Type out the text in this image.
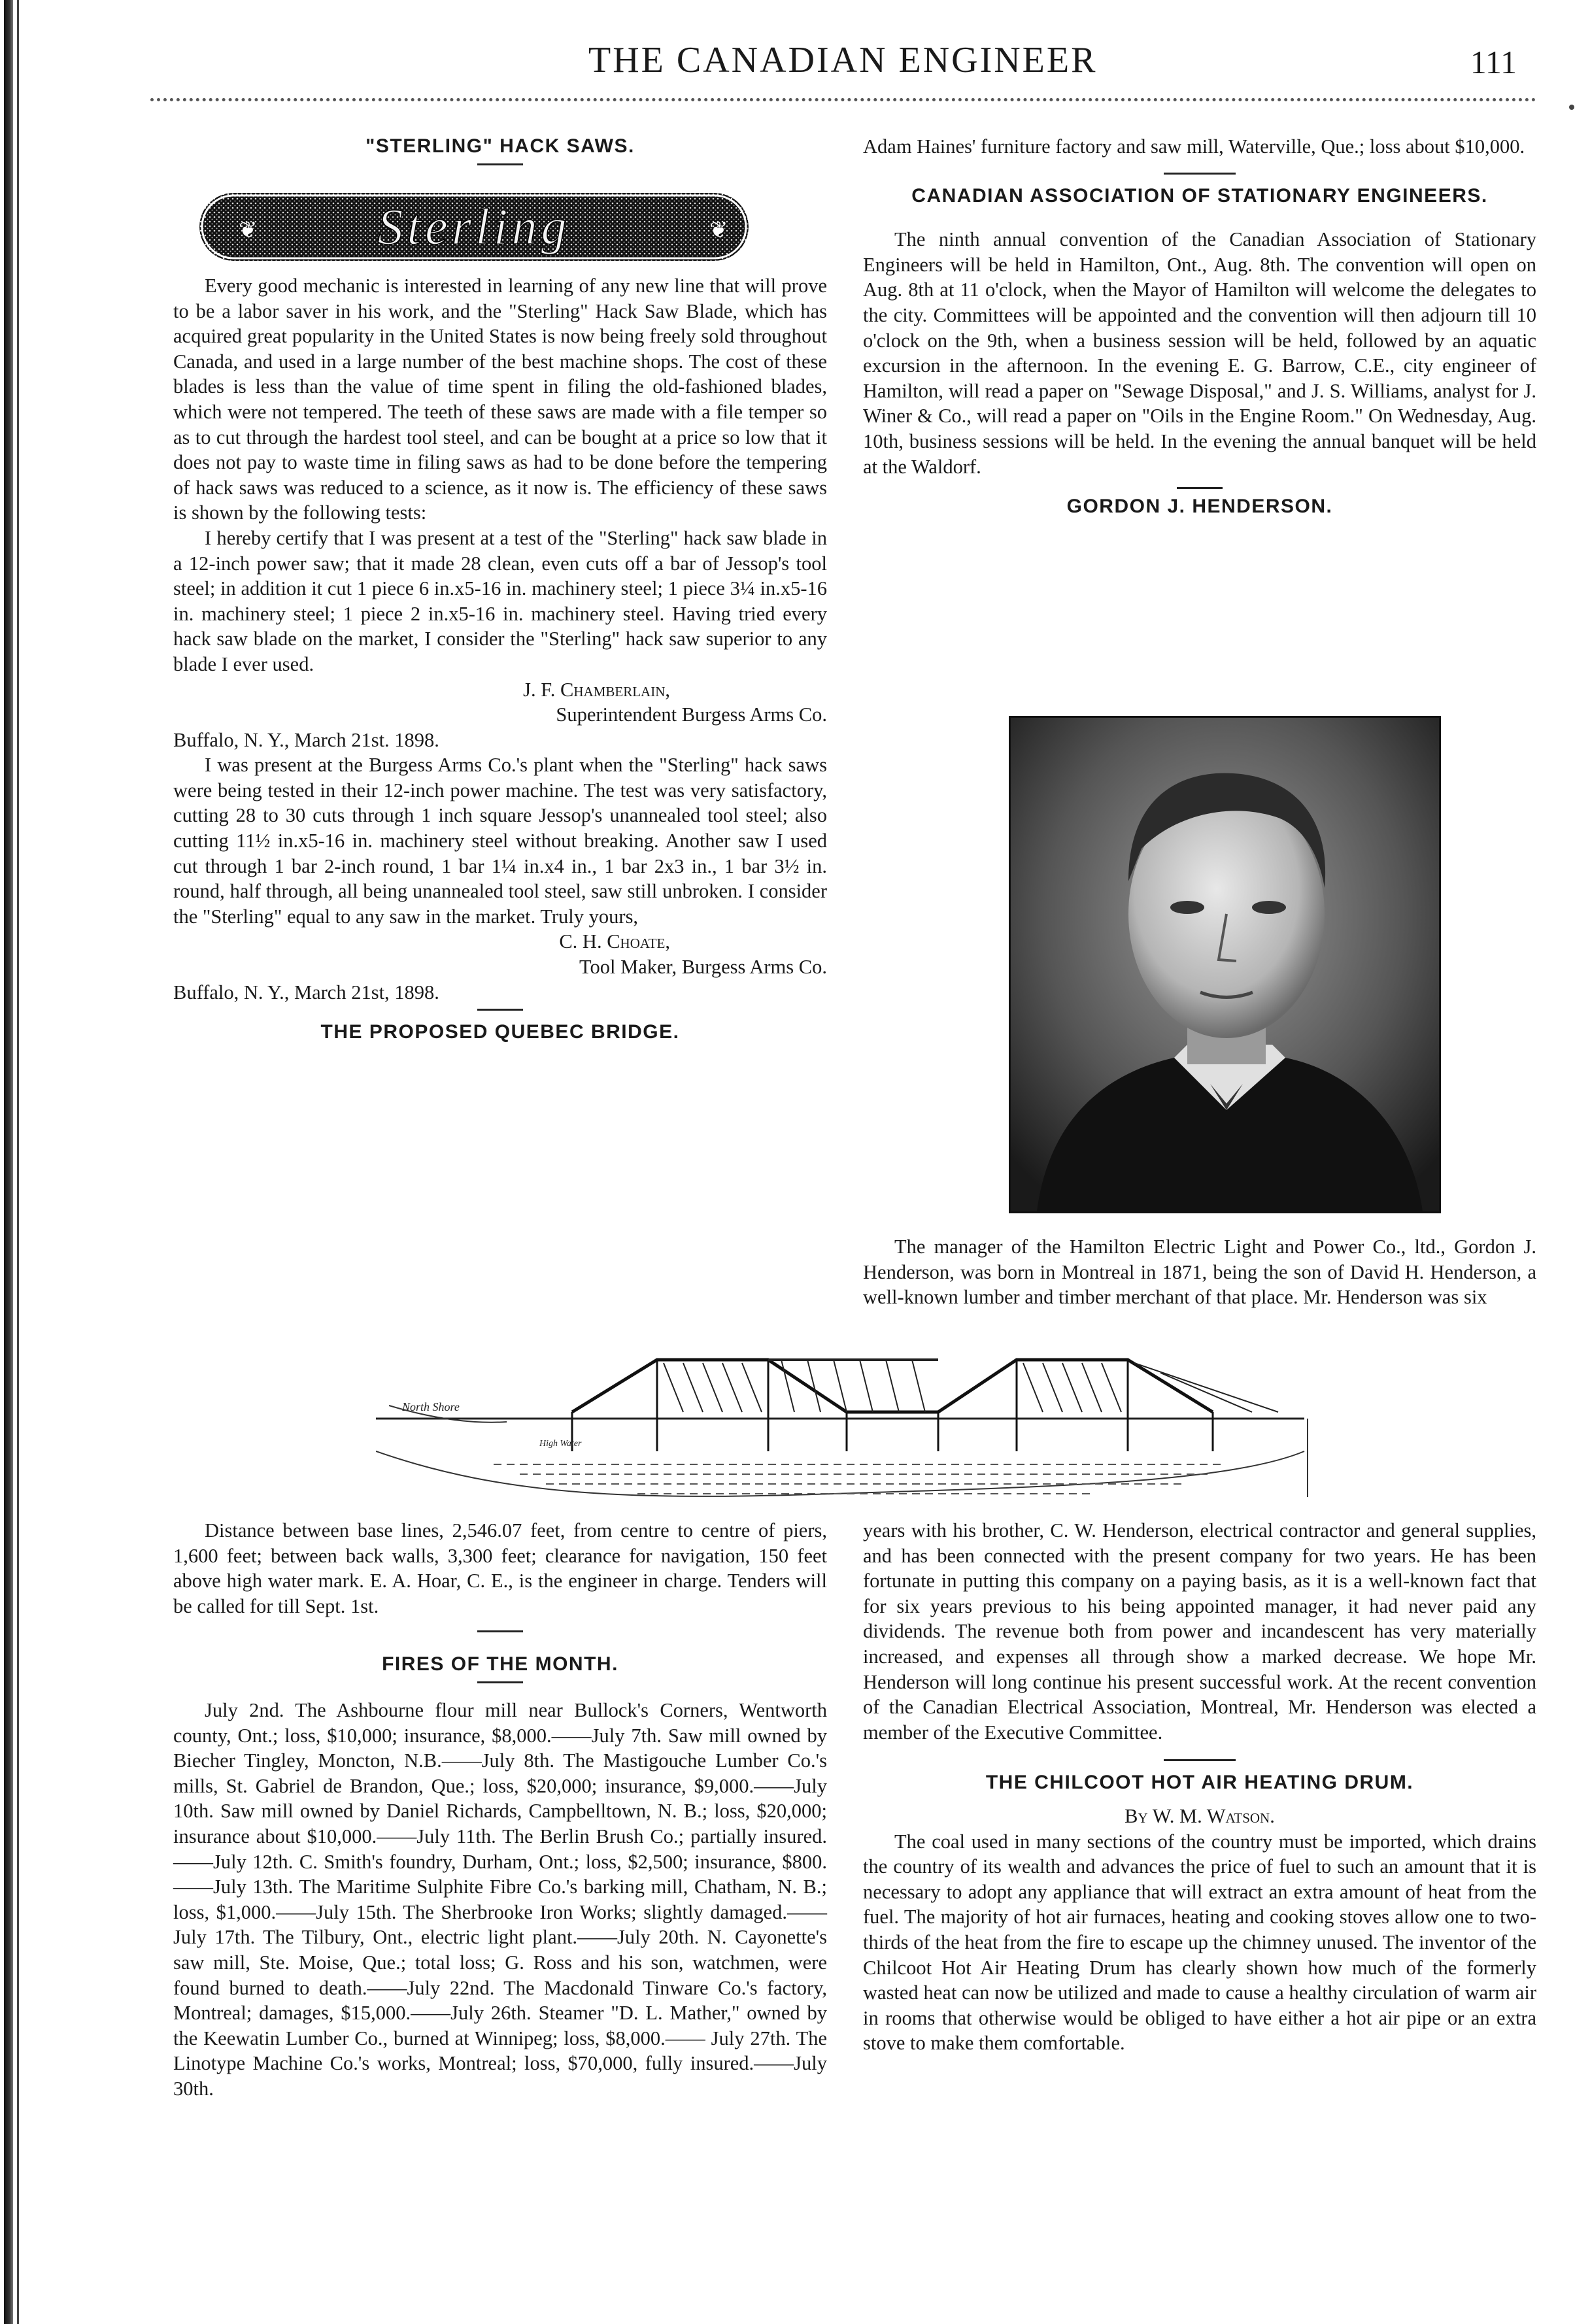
THE CANADIAN ENGINEER	111
"STERLING" HACK SAWS.
❦	❦
Sterling

Every good mechanic is interested in learning of any new line that will prove to be a labor saver in his work, and the "Sterling" Hack Saw Blade, which has acquired great popularity in the United States is now being freely sold throughout Canada, and used in a large number of the best machine shops. The cost of these blades is less than the value of time spent in filing the old-fashioned blades, which were not tempered. The teeth of these saws are made with a file temper so as to cut through the hardest tool steel, and can be bought at a price so low that it does not pay to waste time in filing saws as had to be done before the tempering of hack saws was reduced to a science, as it now is. The efficiency of these saws is shown by the following tests:

I hereby certify that I was present at a test of the "Sterling" hack saw blade in a 12-inch power saw; that it made 28 clean, even cuts off a bar of Jessop's tool steel; in addition it cut 1 piece 6 in.x5-16 in. machinery steel; 1 piece 3¼ in.x5-16 in. machinery steel; 1 piece 2 in.x5-16 in. machinery steel. Having tried every hack saw blade on the market, I consider the "Sterling" hack saw superior to any blade I ever used.

J. F. Chamberlain,

Superintendent Burgess Arms Co.

Buffalo, N. Y., March 21st. 1898.

I was present at the Burgess Arms Co.'s plant when the "Sterling" hack saws were being tested in their 12-inch power machine. The test was very satisfactory, cutting 28 to 30 cuts through 1 inch square Jessop's unannealed tool steel; also cutting 11½ in.x5-16 in. machinery steel without breaking. Another saw I used cut through 1 bar 2-inch round, 1 bar 1¼ in.x4 in., 1 bar 2x3 in., 1 bar 3½ in. round, half through, all being unannealed tool steel, saw still unbroken. I consider the "Sterling" equal to any saw in the market. Truly yours,

C. H. Choate,

Tool Maker, Burgess Arms Co.

Buffalo, N. Y., March 21st, 1898.

THE PROPOSED QUEBEC BRIDGE.
North Shore
High Water

Distance between base lines, 2,546.07 feet, from centre to centre of piers, 1,600 feet; between back walls, 3,300 feet; clearance for navigation, 150 feet above high water mark. E. A. Hoar, C. E., is the engineer in charge. Tenders will be called for till Sept. 1st.

FIRES OF THE MONTH.

July 2nd. The Ashbourne flour mill near Bullock's Corners, Wentworth county, Ont.; loss, $10,000; insurance, $8,000.——July 7th. Saw mill owned by Biecher Tingley, Moncton, N.B.——July 8th. The Mastigouche Lumber Co.'s mills, St. Gabriel de Brandon, Que.; loss, $20,000; insurance, $9,000.——July 10th. Saw mill owned by Daniel Richards, Campbelltown, N. B.; loss, $20,000; insurance about $10,000.——July 11th. The Berlin Brush Co.; partially insured.——July 12th. C. Smith's foundry, Durham, Ont.; loss, $2,500; insurance, $800.——July 13th. The Maritime Sulphite Fibre Co.'s barking mill, Chatham, N. B.; loss, $1,000.——July 15th. The Sherbrooke Iron Works; slightly damaged.——July 17th. The Tilbury, Ont., electric light plant.——July 20th. N. Cayonette's saw mill, Ste. Moise, Que.; total loss; G. Ross and his son, watchmen, were found burned to death.——July 22nd. The Macdonald Tinware Co.'s factory, Montreal; damages, $15,000.——July 26th. Steamer "D. L. Mather," owned by the Keewatin Lumber Co., burned at Winnipeg; loss, $8,000.—— July 27th. The Linotype Machine Co.'s works, Montreal; loss, $70,000, fully insured.——July 30th.

Adam Haines' furniture factory and saw mill, Waterville, Que.; loss about $10,000.

CANADIAN ASSOCIATION OF STATIONARY ENGINEERS.

The ninth annual convention of the Canadian Association of Stationary Engineers will be held in Hamilton, Ont., Aug. 8th. The convention will open on Aug. 8th at 11 o'clock, when the Mayor of Hamilton will welcome the delegates to the city. Committees will be appointed and the convention will then adjourn till 10 o'clock on the 9th, when a business session will be held, followed by an aquatic excursion in the afternoon. In the evening E. G. Barrow, C.E., city engineer of Hamilton, will read a paper on "Sewage Disposal," and J. S. Williams, analyst for J. Winer & Co., will read a paper on "Oils in the Engine Room." On Wednesday, Aug. 10th, business sessions will be held. In the evening the annual banquet will be held at the Waldorf.

GORDON J. HENDERSON.

The manager of the Hamilton Electric Light and Power Co., ltd., Gordon J. Henderson, was born in Montreal in 1871, being the son of David H. Henderson, a well-known lumber and timber merchant of that place. Mr. Henderson was six

years with his brother, C. W. Henderson, electrical contractor and general supplies, and has been connected with the present company for two years. He has been fortunate in putting this company on a paying basis, as it is a well-known fact that for six years previous to his being appointed manager, it had never paid any dividends. The revenue both from power and incandescent has very materially increased, and expenses all through show a marked decrease. We hope Mr. Henderson will long continue his present successful work. At the recent convention of the Canadian Electrical Association, Montreal, Mr. Henderson was elected a member of the Executive Committee.

THE CHILCOOT HOT AIR HEATING DRUM.

By W. M. Watson.

The coal used in many sections of the country must be imported, which drains the country of its wealth and advances the price of fuel to such an amount that it is necessary to adopt any appliance that will extract an extra amount of heat from the fuel. The majority of hot air furnaces, heating and cooking stoves allow one to two-thirds of the heat from the fire to escape up the chimney unused. The inventor of the Chilcoot Hot Air Heating Drum has clearly shown how much of the formerly wasted heat can now be utilized and made to cause a healthy circulation of warm air in rooms that otherwise would be obliged to have either a hot air pipe or an extra stove to make them comfortable.
